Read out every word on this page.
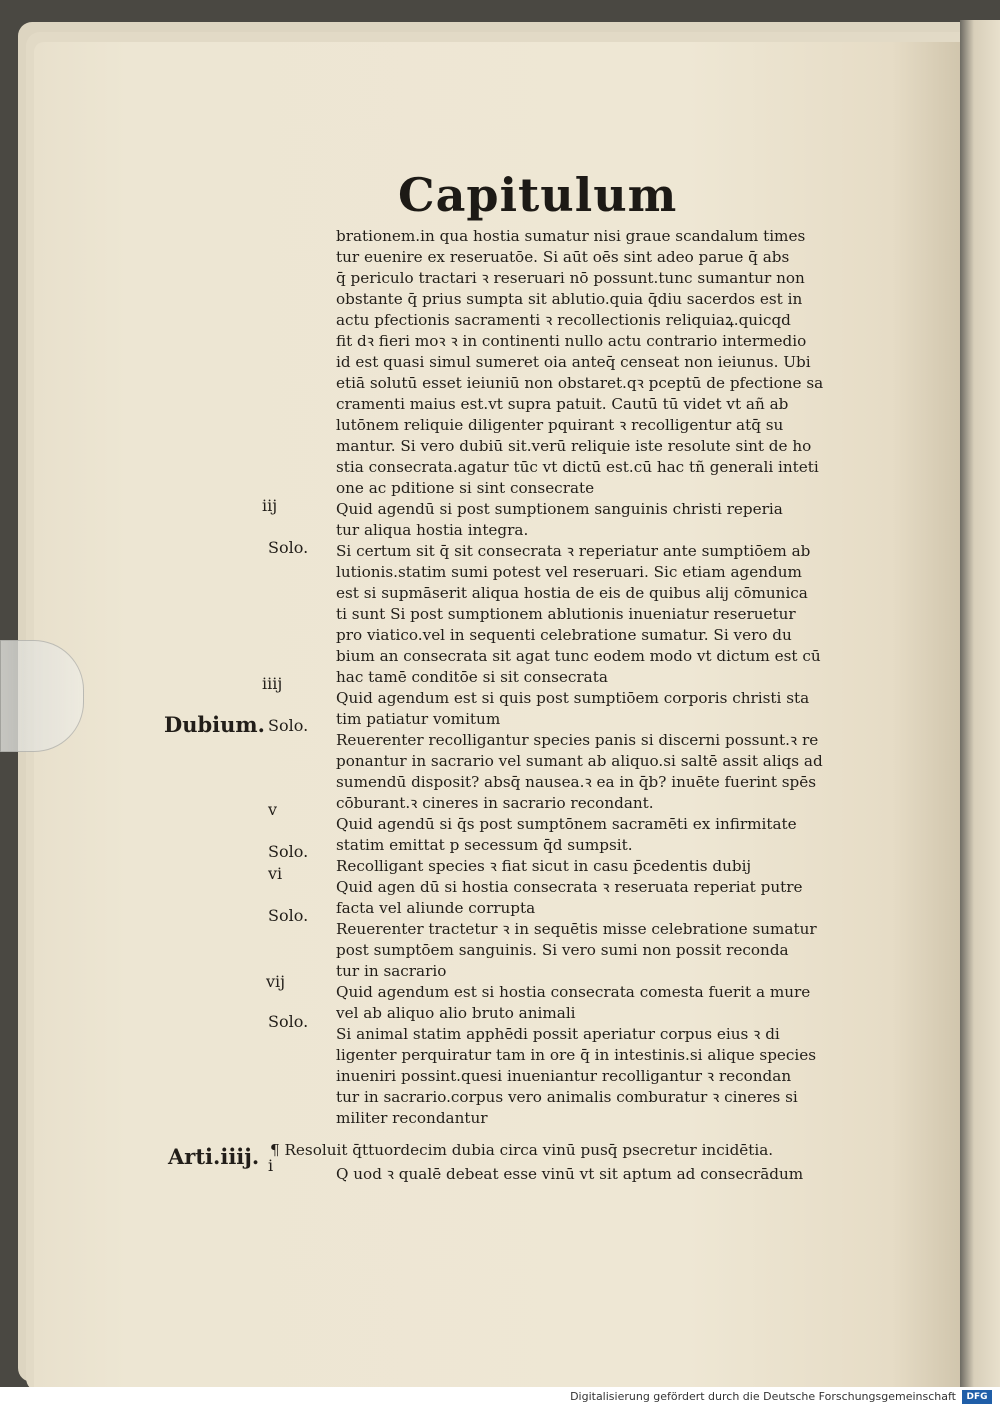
Capitulum
brationem.in qua hostia sumatur nisi graue scandalum times
tur euenire ex reseruatōe. Si aūt oēs sint adeo parue q̄ abs
q̄ periculo tractari ꝛ reseruari nō possunt.tunc sumantur non
obstante q̄ prius sumpta sit ablutio.quia q̄diu sacerdos est in
actu pfectionis sacramenti ꝛ recollectionis reliquiaꝝ.quicqd
fit dꝛ fieri moꝛ ꝛ in continenti nullo actu contrario intermedio
id est quasi simul sumeret oia anteq̄ censeat non ieiunus. Ubi
etiā solutū esset ieiuniū non obstaret.qꝛ pceptū de pfectione sa
cramenti maius est.vt supra patuit. Cautū tū videt vt añ ab
lutōnem reliquie diligenter pquirant ꝛ recolligentur atq̄ su
mantur. Si vero dubiū sit.verū reliquie iste resolute sint de ho
stia consecrata.agatur tūc vt dictū est.cū hac tñ generali inteti
one ac pditione si sint consecrate
Quid agendū si post sumptionem sanguinis christi reperia
tur aliqua hostia integra.
Si certum sit q̄ sit consecrata ꝛ reperiatur ante sumptiōem ab
lutionis.statim sumi potest vel reseruari. Sic etiam agendum
est si supmāserit aliqua hostia de eis de quibus alij cōmunica
ti sunt Si post sumptionem ablutionis inueniatur reseruetur
pro viatico.vel in sequenti celebratione sumatur. Si vero du
bium an consecrata sit agat tunc eodem modo vt dictum est cū
hac tamē conditōe si sit consecrata
Quid agendum est si quis post sumptiōem corporis christi sta
tim patiatur vomitum
Reuerenter recolligantur species panis si discerni possunt.ꝛ re
ponantur in sacrario vel sumant ab aliquo.si saltē assit aliqs ad
sumendū disposit? absq̄ nausea.ꝛ ea in q̄b? inuēte fuerint spēs
cōburant.ꝛ cineres in sacrario recondant.
Quid agendū si q̄s post sumptōnem sacramēti ex infirmitate
statim emittat p secessum q̄d sumpsit.
Recolligant species ꝛ fiat sicut in casu p̄cedentis dubij
Quid agen dū si hostia consecrata ꝛ reseruata reperiat putre
facta vel aliunde corrupta
Reuerenter tractetur ꝛ in sequētis misse celebratione sumatur
post sumptōem sanguinis. Si vero sumi non possit reconda
tur in sacrario
Quid agendum est si hostia consecrata comesta fuerit a mure
vel ab aliquo alio bruto animali
Si animal statim apphēdi possit aperiatur corpus eius ꝛ di
ligenter perquiratur tam in ore q̄ in intestinis.si alique species
inueniri possint.quesi inueniantur recolligantur ꝛ recondan
tur in sacrario.corpus vero animalis comburatur ꝛ cineres si
militer recondantur
¶ Resoluit q̄ttuordecim dubia circa vinū pusq̄ psecretur incidētia.
Q uod ꝛ qualē debeat esse vinū vt sit aptum ad consecrādum
iij
Solo.
iiij
Dubium. Solo.
v
Solo.
vi
Solo.
vij
Solo.
Arti.iiij. i
Digitalisierung gefördert durch die Deutsche Forschungsgemeinschaft	DFG
